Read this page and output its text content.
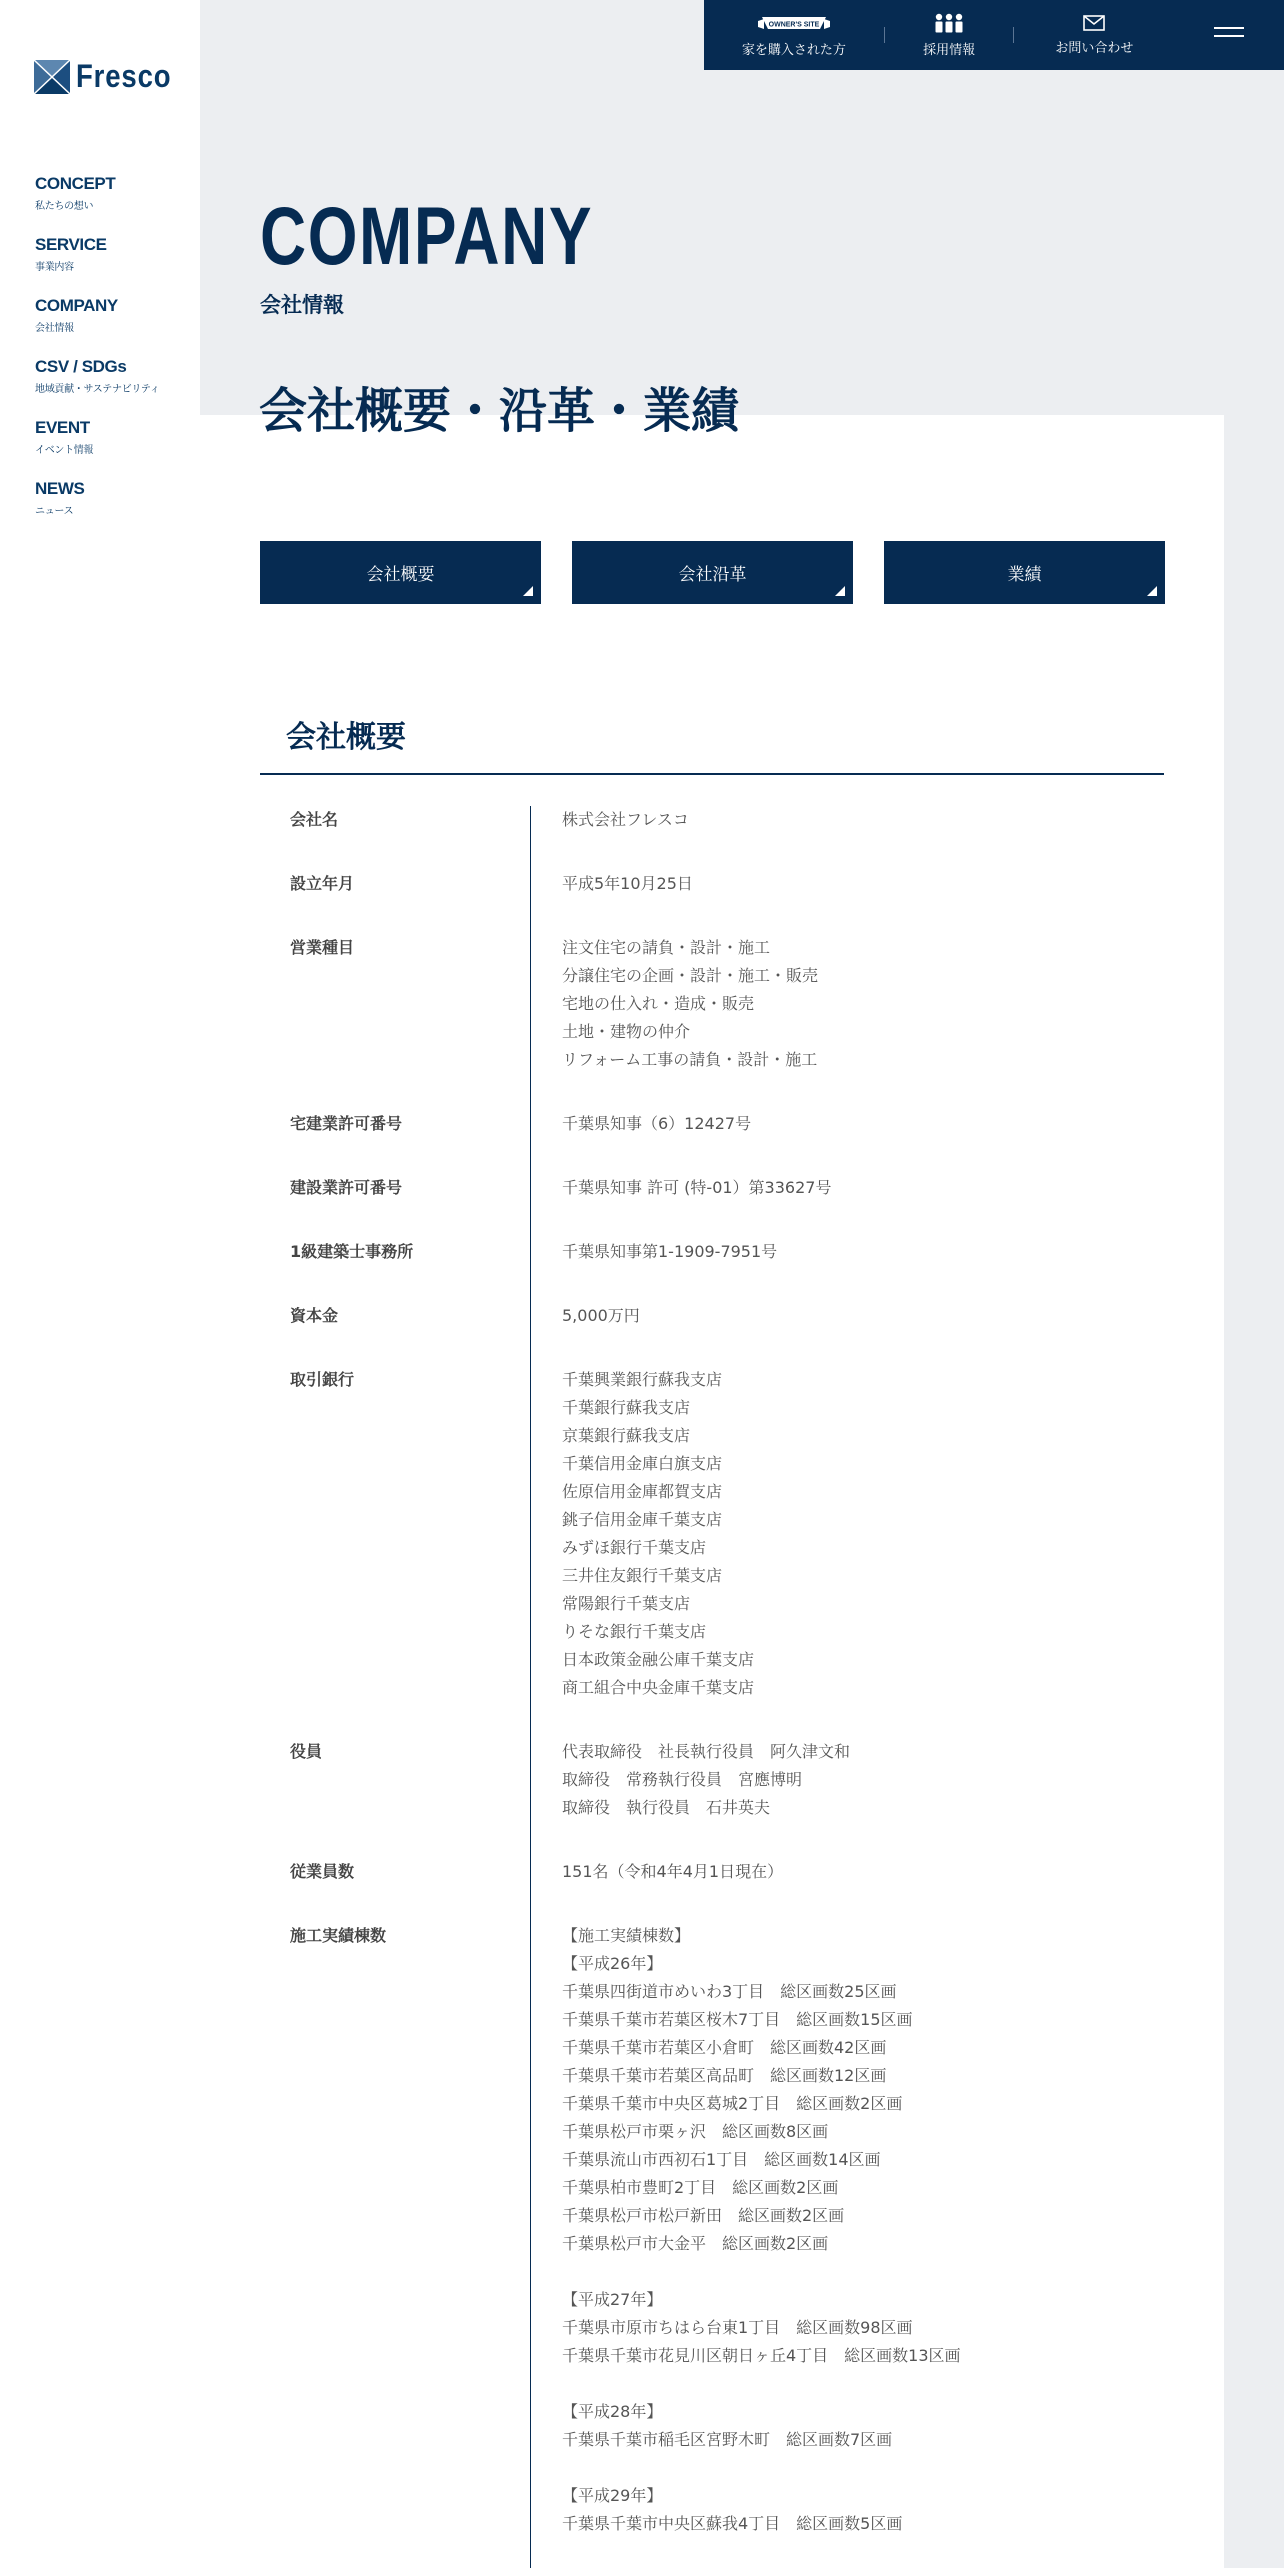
Fresco
CONCEPT
私たちの想い
SERVICE
事業内容
COMPANY
会社情報
CSV / SDGs
地域貢献・サステナビリティ
EVENT
イベント情報
NEWS
ニュース
OWNER'S SITE
家を購入された方	採用情報	お問い合わせ
COMPANY
会社情報
会社概要・沿革・業績
会社概要	会社沿革	業績
会社概要
会社名	株式会社フレスコ
設立年月	平成5年10月25日
営業種目	注文住宅の請負・設計・施工
分譲住宅の企画・設計・施工・販売
宅地の仕入れ・造成・販売
土地・建物の仲介
リフォーム工事の請負・設計・施工
宅建業許可番号	千葉県知事（6）12427号
建設業許可番号	千葉県知事 許可 (特-01）第33627号
1級建築士事務所	千葉県知事第1-1909-7951号
資本金	5,000万円
取引銀行	千葉興業銀行蘇我支店
千葉銀行蘇我支店
京葉銀行蘇我支店
千葉信用金庫白旗支店
佐原信用金庫都賀支店
銚子信用金庫千葉支店
みずほ銀行千葉支店
三井住友銀行千葉支店
常陽銀行千葉支店
りそな銀行千葉支店
日本政策金融公庫千葉支店
商工組合中央金庫千葉支店
役員	代表取締役　社長執行役員　阿久津文和
取締役　常務執行役員　宮應博明
取締役　執行役員　石井英夫
従業員数	151名（令和4年4月1日現在）
施工実績棟数	【施工実績棟数】
【平成26年】
千葉県四街道市めいわ3丁目　総区画数25区画
千葉県千葉市若葉区桜木7丁目　総区画数15区画
千葉県千葉市若葉区小倉町　総区画数42区画
千葉県千葉市若葉区高品町　総区画数12区画
千葉県千葉市中央区葛城2丁目　総区画数2区画
千葉県松戸市栗ヶ沢　総区画数8区画
千葉県流山市西初石1丁目　総区画数14区画
千葉県柏市豊町2丁目　総区画数2区画
千葉県松戸市松戸新田　総区画数2区画
千葉県松戸市大金平　総区画数2区画
【平成27年】
千葉県市原市ちはら台東1丁目　総区画数98区画
千葉県千葉市花見川区朝日ヶ丘4丁目　総区画数13区画
【平成28年】
千葉県千葉市稲毛区宮野木町　総区画数7区画
【平成29年】
千葉県千葉市中央区蘇我4丁目　総区画数5区画
